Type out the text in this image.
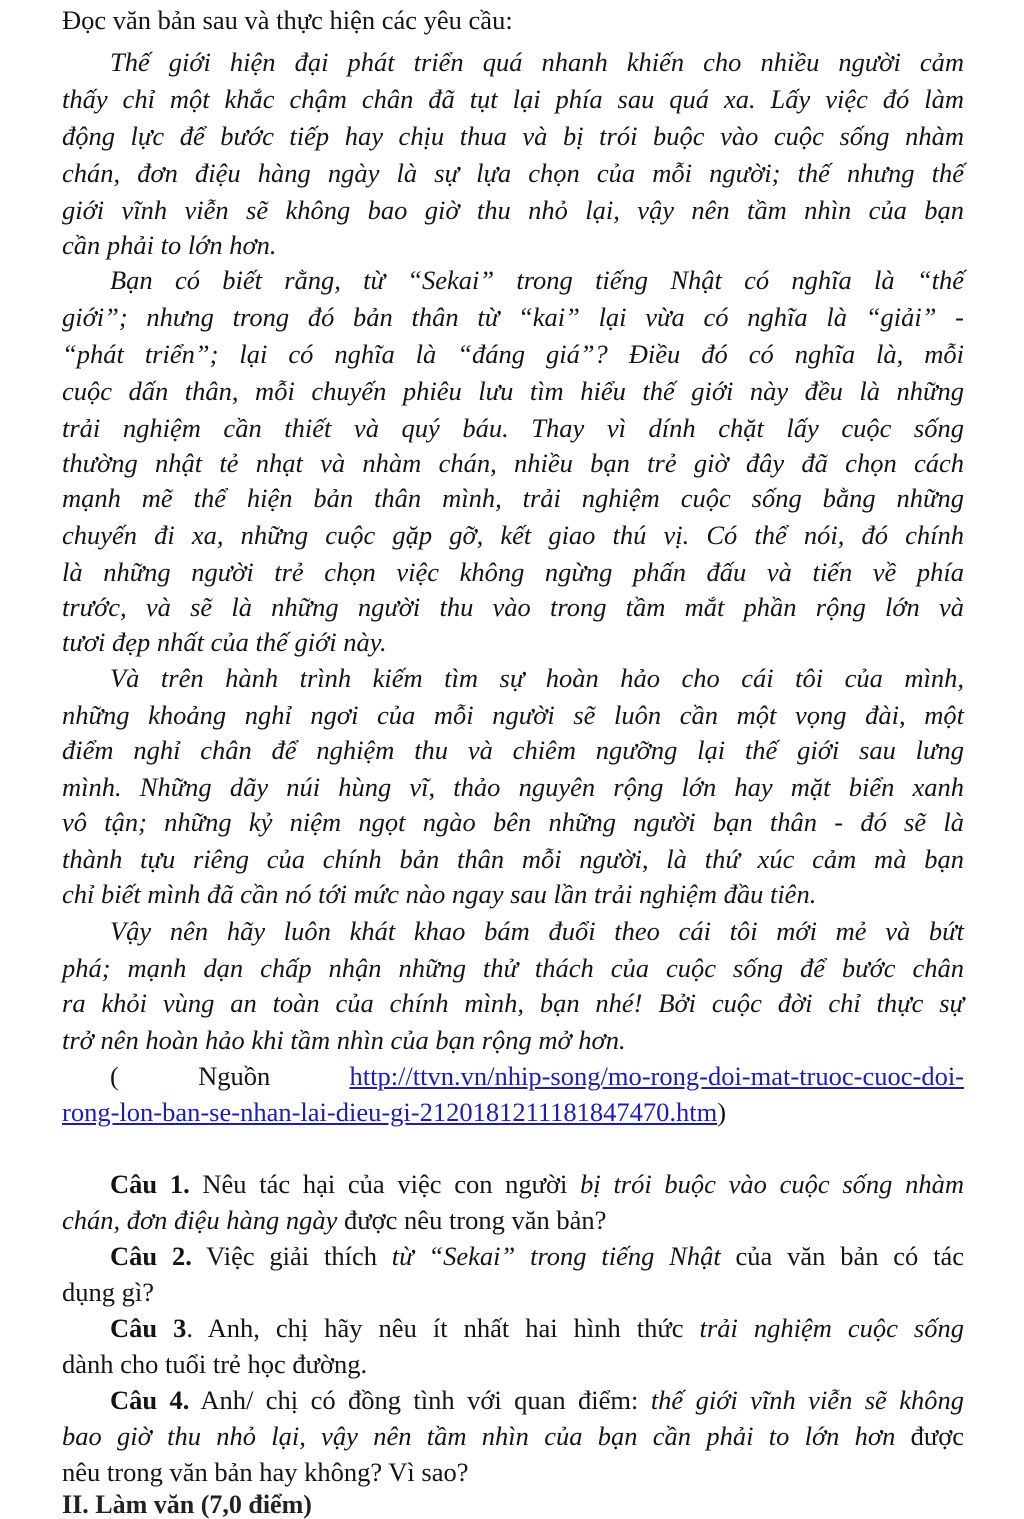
Đọc văn bản sau và thực hiện các yêu cầu:
Thế giới hiện đại phát triển quá nhanh khiến cho nhiều người cảm
thấy chỉ một khắc chậm chân đã tụt lại phía sau quá xa. Lấy việc đó làm
động lực để bước tiếp hay chịu thua và bị trói buộc vào cuộc sống nhàm
chán, đơn điệu hàng ngày là sự lựa chọn của mỗi người; thế nhưng thế
giới vĩnh viễn sẽ không bao giờ thu nhỏ lại, vậy nên tầm nhìn của bạn
cần phải to lớn hơn.
Bạn có biết rằng, từ “Sekai” trong tiếng Nhật có nghĩa là “thế
giới”; nhưng trong đó bản thân từ “kai” lại vừa có nghĩa là “giải” -
“phát triển”; lại có nghĩa là “đáng giá”? Điều đó có nghĩa là, mỗi
cuộc dấn thân, mỗi chuyến phiêu lưu tìm hiểu thế giới này đều là những
trải nghiệm cần thiết và quý báu. Thay vì dính chặt lấy cuộc sống
thường nhật tẻ nhạt và nhàm chán, nhiều bạn trẻ giờ đây đã chọn cách
mạnh mẽ thể hiện bản thân mình, trải nghiệm cuộc sống bằng những
chuyến đi xa, những cuộc gặp gỡ, kết giao thú vị. Có thể nói, đó chính
là những người trẻ chọn việc không ngừng phấn đấu và tiến về phía
trước, và sẽ là những người thu vào trong tầm mắt phần rộng lớn và
tươi đẹp nhất của thế giới này.
Và trên hành trình kiếm tìm sự hoàn hảo cho cái tôi của mình,
những khoảng nghỉ ngơi của mỗi người sẽ luôn cần một vọng đài, một
điểm nghỉ chân để nghiệm thu và chiêm ngưỡng lại thế giới sau lưng
mình. Những dãy núi hùng vĩ, thảo nguyên rộng lớn hay mặt biển xanh
vô tận; những kỷ niệm ngọt ngào bên những người bạn thân - đó sẽ là
thành tựu riêng của chính bản thân mỗi người, là thứ xúc cảm mà bạn
chỉ biết mình đã cần nó tới mức nào ngay sau lần trải nghiệm đầu tiên.
Vậy nên hãy luôn khát khao bám đuổi theo cái tôi mới mẻ và bứt
phá; mạnh dạn chấp nhận những thử thách của cuộc sống để bước chân
ra khỏi vùng an toàn của chính mình, bạn nhé! Bởi cuộc đời chỉ thực sự
trở nên hoàn hảo khi tầm nhìn của bạn rộng mở hơn.
( Nguồn	http://ttvn.vn/nhip-song/mo-rong-doi-mat-truoc-cuoc-doi-
rong-lon-ban-se-nhan-lai-dieu-gi-2120181211181847470.htm)
Câu 1. Nêu tác hại của việc con người bị trói buộc vào cuộc sống nhàm
chán, đơn điệu hàng ngày được nêu trong văn bản?
Câu 2. Việc giải thích từ “Sekai” trong tiếng Nhật của văn bản có tác
dụng gì?
Câu 3. Anh, chị hãy nêu ít nhất hai hình thức trải nghiệm cuộc sống
dành cho tuổi trẻ học đường.
Câu 4. Anh/ chị có đồng tình với quan điểm: thế giới vĩnh viễn sẽ không
bao giờ thu nhỏ lại, vậy nên tầm nhìn của bạn cần phải to lớn hơn được
nêu trong văn bản hay không? Vì sao?
II. Làm văn (7,0 điểm)
